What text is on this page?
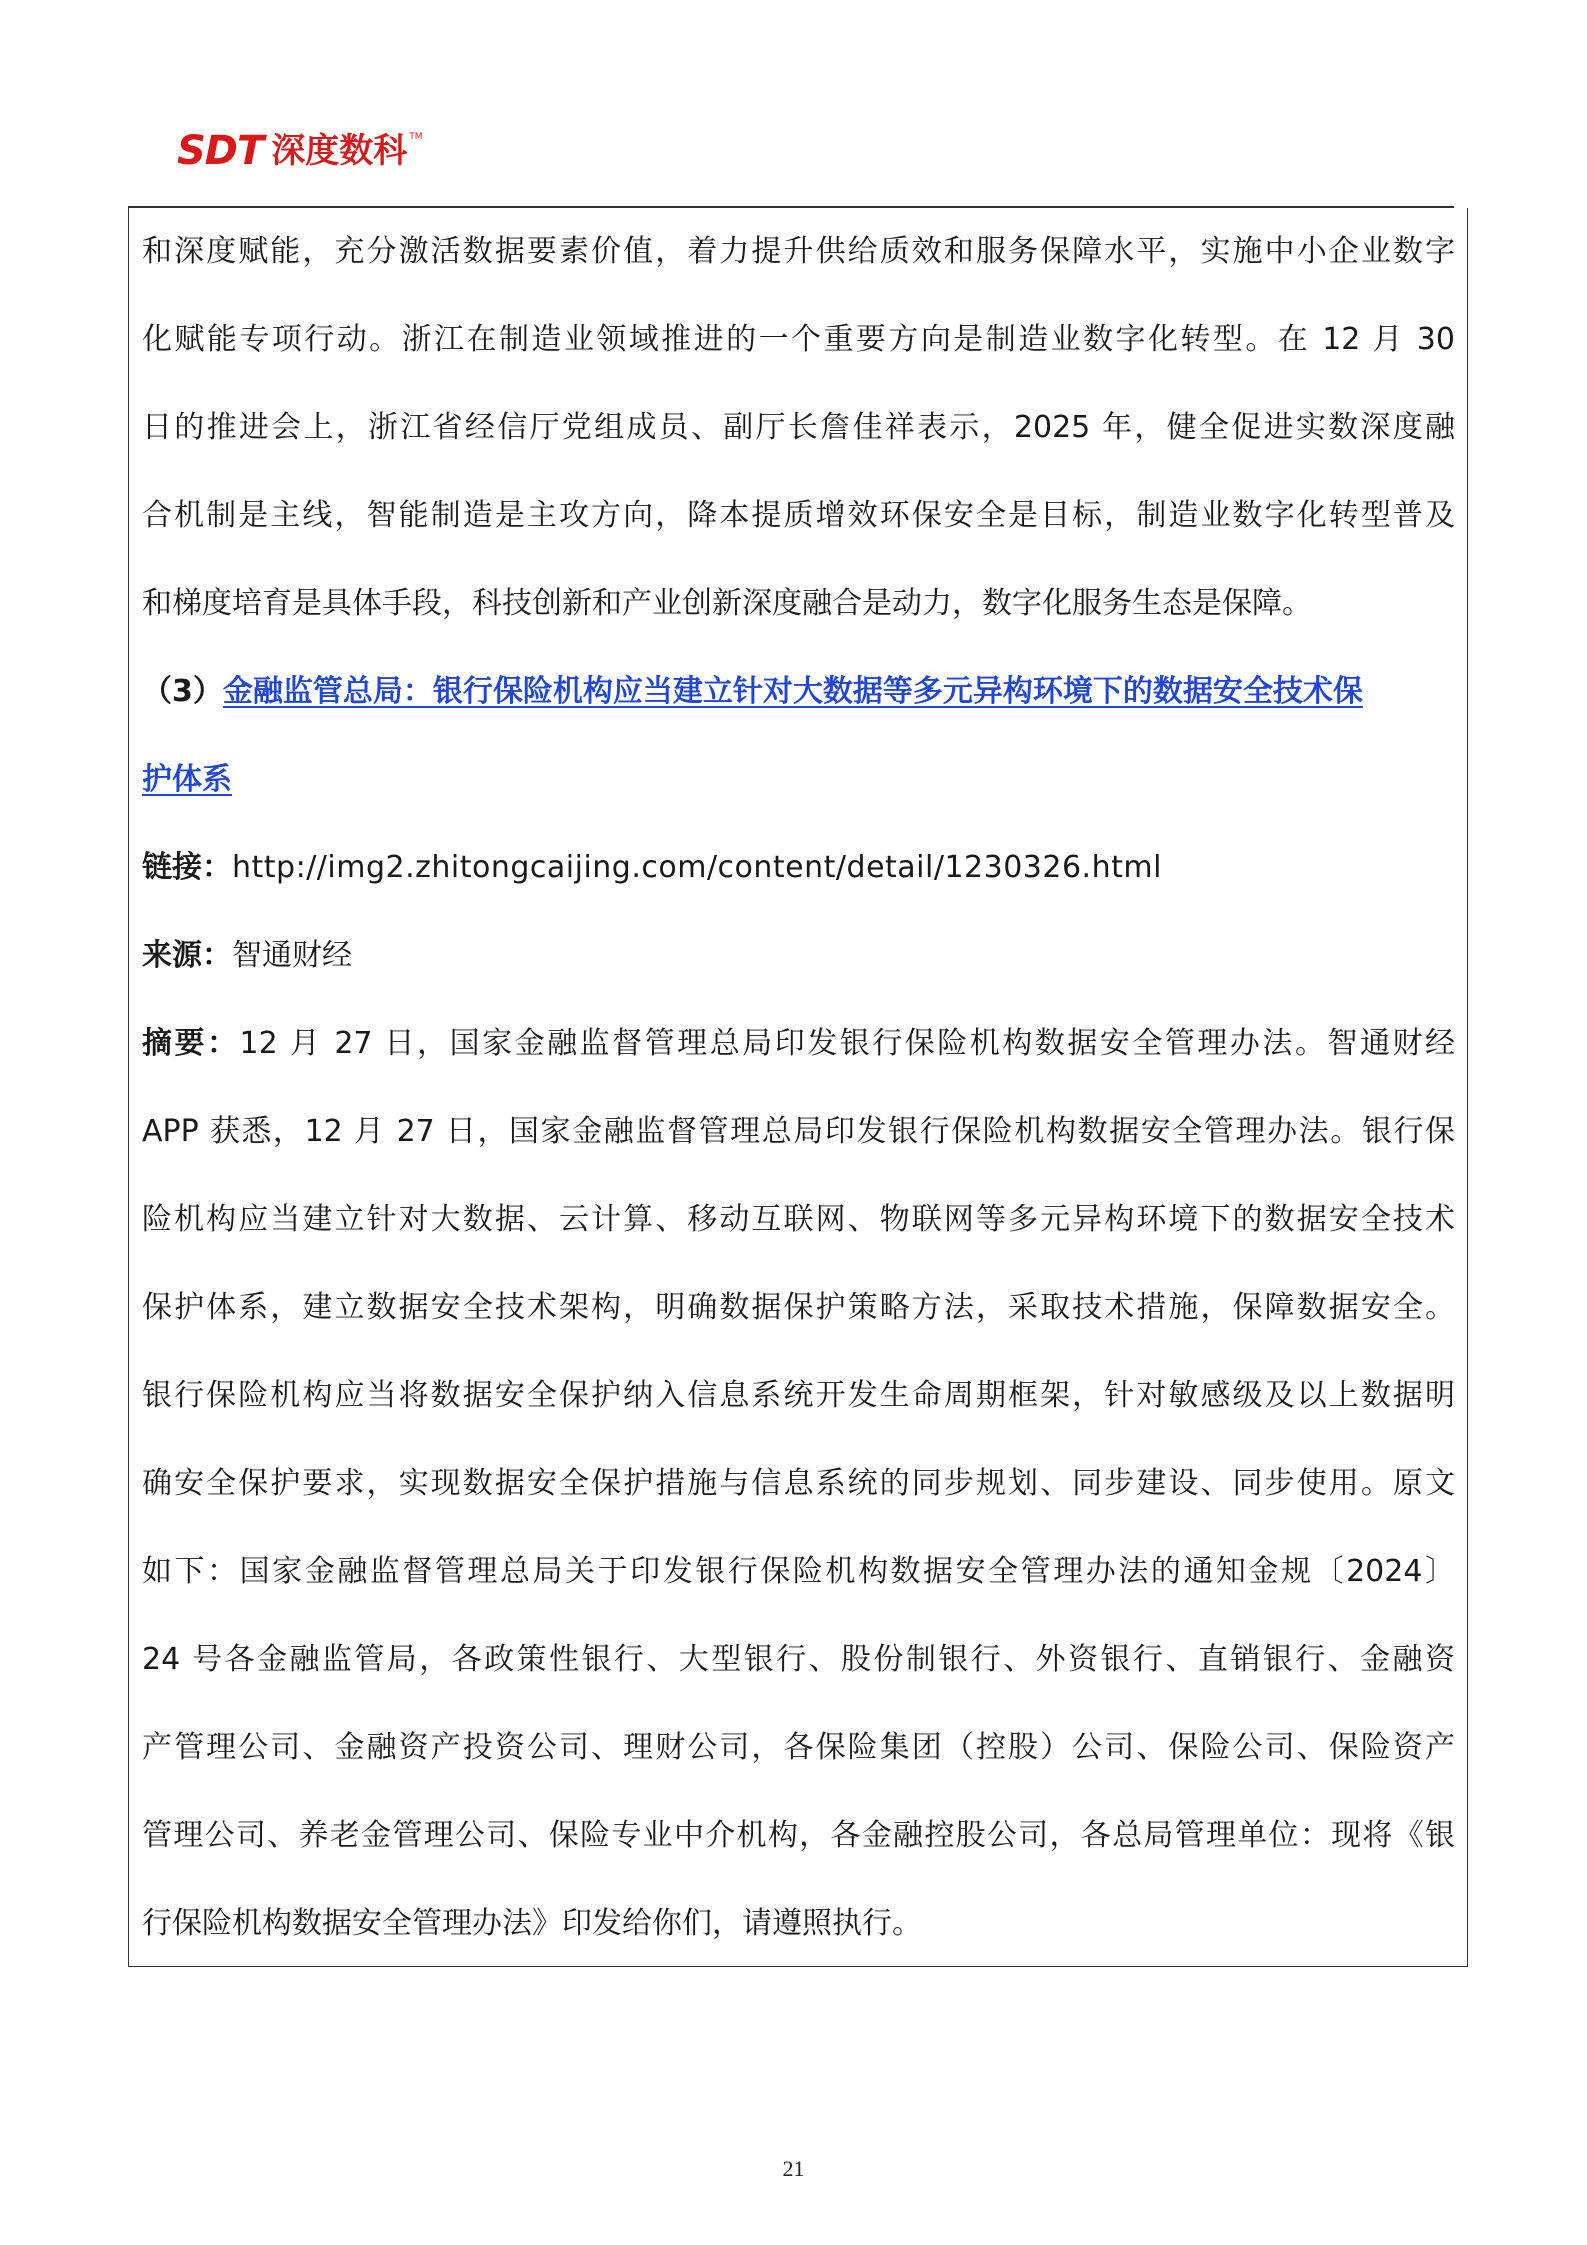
SDT 深度数科 TM
和深度赋能，充分激活数据要素价值，着力提升供给质效和服务保障水平，实施中小企业数字
化赋能专项行动。浙江在制造业领域推进的一个重要方向是制造业数字化转型。在 12 月 30
日的推进会上，浙江省经信厅党组成员、副厅长詹佳祥表示，2025 年，健全促进实数深度融
合机制是主线，智能制造是主攻方向，降本提质增效环保安全是目标，制造业数字化转型普及
和梯度培育是具体手段，科技创新和产业创新深度融合是动力，数字化服务生态是保障。
（3）金融监管总局：银行保险机构应当建立针对大数据等多元异构环境下的数据安全技术保
护体系
链接：http://img2.zhitongcaijing.com/content/detail/1230326.html
来源：智通财经
摘要：12 月 27 日，国家金融监督管理总局印发银行保险机构数据安全管理办法。智通财经
APP 获悉，12 月 27 日，国家金融监督管理总局印发银行保险机构数据安全管理办法。银行保
险机构应当建立针对大数据、云计算、移动互联网、物联网等多元异构环境下的数据安全技术
保护体系，建立数据安全技术架构，明确数据保护策略方法，采取技术措施，保障数据安全。
银行保险机构应当将数据安全保护纳入信息系统开发生命周期框架，针对敏感级及以上数据明
确安全保护要求，实现数据安全保护措施与信息系统的同步规划、同步建设、同步使用。原文
如下：国家金融监督管理总局关于印发银行保险机构数据安全管理办法的通知金规〔2024〕
24 号各金融监管局，各政策性银行、大型银行、股份制银行、外资银行、直销银行、金融资
产管理公司、金融资产投资公司、理财公司，各保险集团（控股）公司、保险公司、保险资产
管理公司、养老金管理公司、保险专业中介机构，各金融控股公司，各总局管理单位：现将《银
行保险机构数据安全管理办法》印发给你们，请遵照执行。
21
